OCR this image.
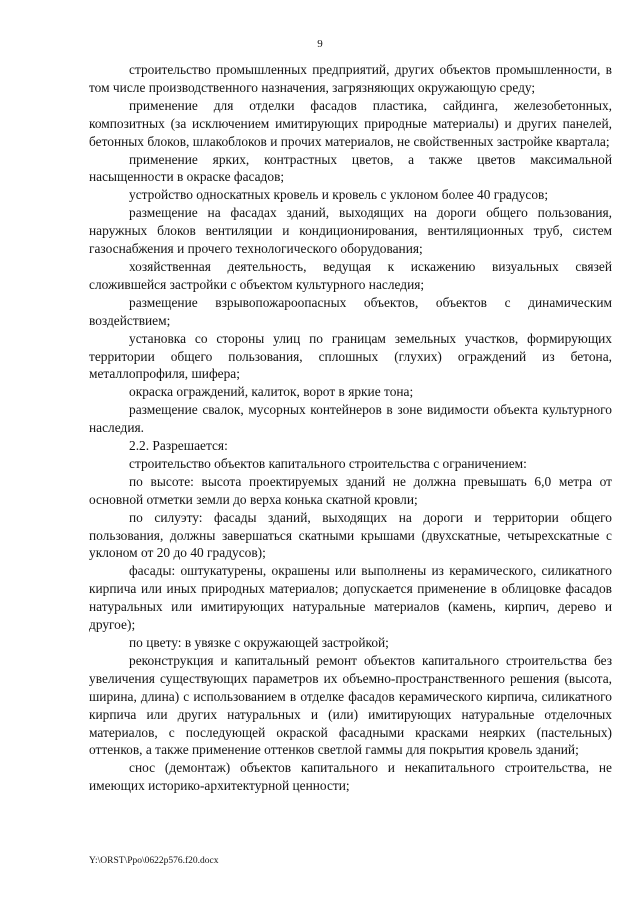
9

строительство промышленных предприятий, других объектов промышленности, в том числе производственного назначения, загрязняющих окружающую среду;

применение для отделки фасадов пластика, сайдинга, железобетонных, композитных (за исключением имитирующих природные материалы) и других панелей, бетонных блоков, шлакоблоков и прочих материалов, не свойственных застройке квартала;

применение ярких, контрастных цветов, а также цветов максимальной насыщенности в окраске фасадов;

устройство односкатных кровель и кровель с уклоном более 40 градусов;

размещение на фасадах зданий, выходящих на дороги общего пользования, наружных блоков вентиляции и кондиционирования, вентиляционных труб, систем газоснабжения и прочего технологического оборудования;

хозяйственная деятельность, ведущая к искажению визуальных связей сложившейся застройки с объектом культурного наследия;

размещение взрывопожароопасных объектов, объектов с динамическим воздействием;

установка со стороны улиц по границам земельных участков, формирующих территории общего пользования, сплошных (глухих) ограждений из бетона, металлопрофиля, шифера;

окраска ограждений, калиток, ворот в яркие тона;

размещение свалок, мусорных контейнеров в зоне видимости объекта культурного наследия.

2.2. Разрешается:

строительство объектов капитального строительства с ограничением:

по высоте: высота проектируемых зданий не должна превышать 6,0 метра от основной отметки земли до верха конька скатной кровли;

по силуэту: фасады зданий, выходящих на дороги и территории общего пользования, должны завершаться скатными крышами (двухскатные, четырехскатные с уклоном от 20 до 40 градусов);

фасады: оштукатурены, окрашены или выполнены из керамического, силикатного кирпича или иных природных материалов; допускается применение в облицовке фасадов натуральных или имитирующих натуральные материалов (камень, кирпич, дерево и другое);

по цвету: в увязке с окружающей застройкой;

реконструкция и капитальный ремонт объектов капитального строительства без увеличения существующих параметров их объемно-пространственного решения (высота, ширина, длина) с использованием в отделке фасадов керамического кирпича, силикатного кирпича или других натуральных и (или) имитирующих натуральные отделочных материалов, с последующей окраской фасадными красками неярких (пастельных) оттенков, а также применение оттенков светлой гаммы для покрытия кровель зданий;

снос (демонтаж) объектов капитального и некапитального строительства, не имеющих историко-архитектурной ценности;

Y:\ORST\Ppo\0622p576.f20.docx
